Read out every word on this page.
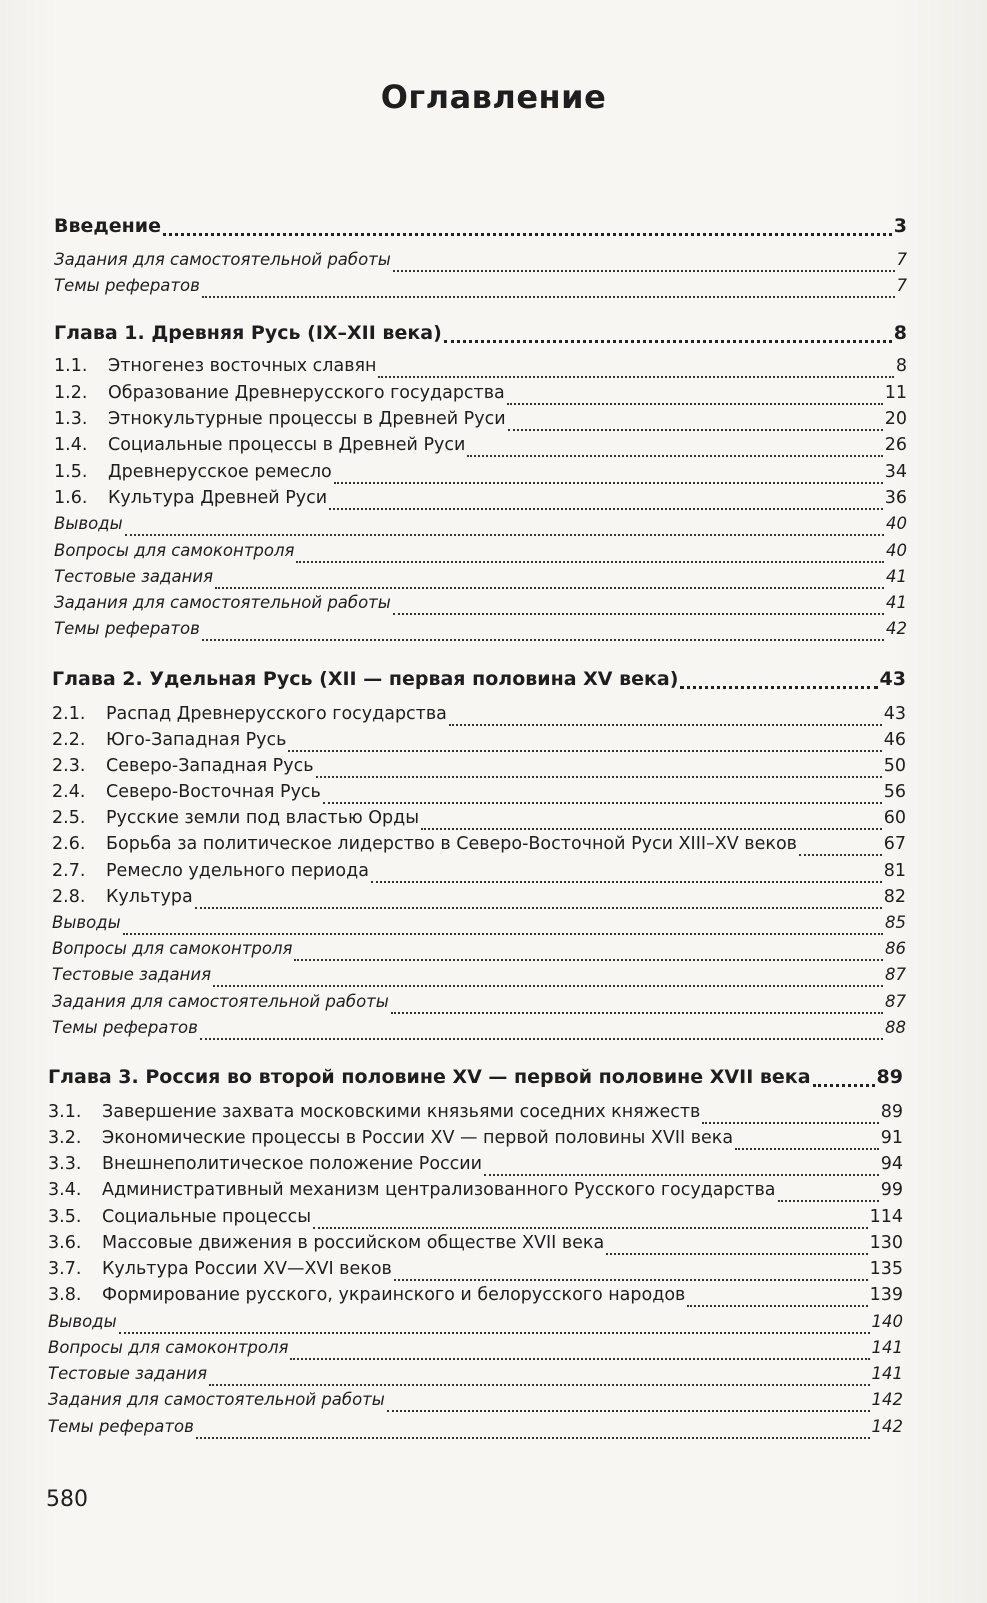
Оглавление
Введение	3
Задания для самостоятельной работы	7
Темы рефератов	7
Глава 1. Древняя Русь (IX–XII века)	8
1.1.	Этногенез восточных славян	8
1.2.	Образование Древнерусского государства	11
1.3.	Этнокультурные процессы в Древней Руси	20
1.4.	Социальные процессы в Древней Руси	26
1.5.	Древнерусское ремесло	34
1.6.	Культура Древней Руси	36
Выводы	40
Вопросы для самоконтроля	40
Тестовые задания	41
Задания для самостоятельной работы	41
Темы рефератов	42
Глава 2. Удельная Русь (XII — первая половина XV века)	43
2.1.	Распад Древнерусского государства	43
2.2.	Юго-Западная Русь	46
2.3.	Северо-Западная Русь	50
2.4.	Северо-Восточная Русь	56
2.5.	Русские земли под властью Орды	60
2.6.	Борьба за политическое лидерство в Северо-Восточной Руси XIII–XV веков	67
2.7.	Ремесло удельного периода	81
2.8.	Культура	82
Выводы	85
Вопросы для самоконтроля	86
Тестовые задания	87
Задания для самостоятельной работы	87
Темы рефератов	88
Глава 3. Россия во второй половине XV — первой половине XVII века	89
3.1.	Завершение захвата московскими князьями соседних княжеств	89
3.2.	Экономические процессы в России XV — первой половины XVII века	91
3.3.	Внешнеполитическое положение России	94
3.4.	Административный механизм централизованного Русского государства	99
3.5.	Социальные процессы	114
3.6.	Массовые движения в российском обществе XVII века	130
3.7.	Культура России XV—XVI веков	135
3.8.	Формирование русского, украинского и белорусского народов	139
Выводы	140
Вопросы для самоконтроля	141
Тестовые задания	141
Задания для самостоятельной работы	142
Темы рефератов	142
580
